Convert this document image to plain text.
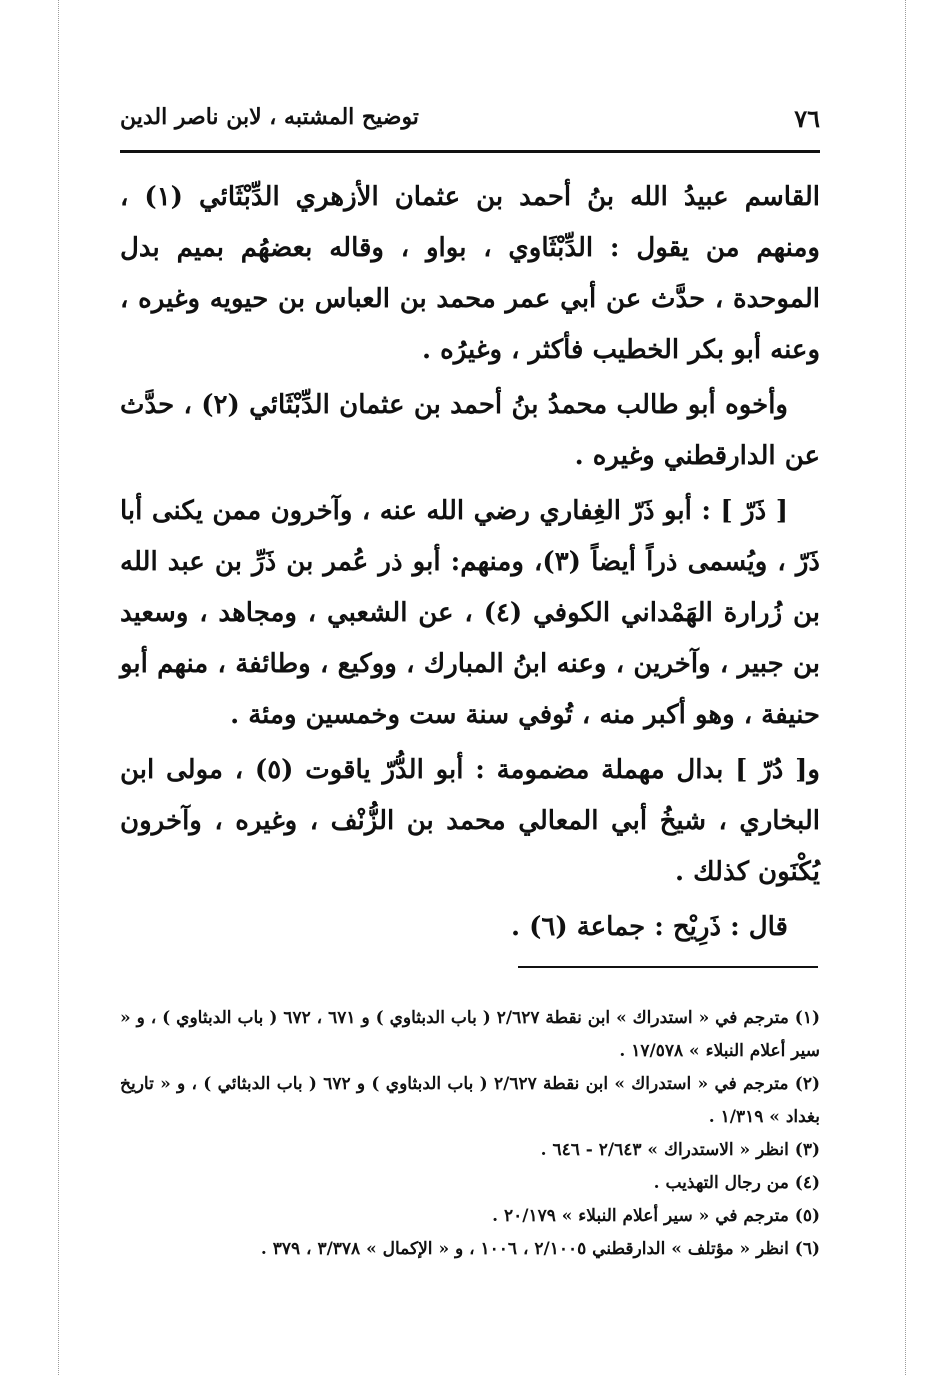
٧٦
توضيح المشتبه ، لابن ناصر الدين

القاسم عبيدُ الله بنُ أحمد بن عثمان الأزهري الدِّبْثَائي (١) ، ومنهم من يقول : الدِّبْثَاوي ، بواو ، وقاله بعضهُم بميم بدل الموحدة ، حدَّث عن أبي عمر محمد بن العباس بن حيويه وغيره ، وعنه أبو بكر الخطيب فأكثر ، وغيرُه .

وأخوه أبو طالب محمدُ بنُ أحمد بن عثمان الدِّبْثَائي (٢) ، حدَّث عن الدارقطني وغيره .

[ ذَرّ ] : أبو ذَرّ الغِفاري رضي الله عنه ، وآخرون ممن يكنى أبا ذَرّ ، ويُسمى ذراً أيضاً (٣)، ومنهم: أبو ذر عُمر بن ذَرِّ بن عبد الله بن زُرارة الهَمْداني الكوفي (٤) ، عن الشعبي ، ومجاهد ، وسعيد بن جبير ، وآخرين ، وعنه ابنُ المبارك ، ووكيع ، وطائفة ، منهم أبو حنيفة ، وهو أكبر منه ، تُوفي سنة ست وخمسين ومئة .

و[ دُرّ ] بدال مهملة مضمومة : أبو الدُّرّ ياقوت (٥) ، مولى ابن البخاري ، شيخُ أبي المعالي محمد بن الزُّنْف ، وغيره ، وآخرون يُكْنَون كذلك .

قال : ذَرِيْح : جماعة (٦) .

(١) مترجم في « استدراك » ابن نقطة ٢/٦٢٧ ( باب الدبثاوي ) و ٦٧١ ، ٦٧٢ ( باب الدبثاوي ) ، و « سير أعلام النبلاء » ١٧/٥٧٨ .

(٢) مترجم في « استدراك » ابن نقطة ٢/٦٢٧ ( باب الدبثاوي ) و ٦٧٢ ( باب الدبثائي ) ، و « تاريخ بغداد » ١/٣١٩ .

(٣) انظر « الاستدراك » ٢/٦٤٣ - ٦٤٦ .

(٤) من رجال التهذيب .

(٥) مترجم في « سير أعلام النبلاء » ٢٠/١٧٩ .

(٦) انظر « مؤتلف » الدارقطني ٢/١٠٠٥ ، ١٠٠٦ ، و « الإكمال » ٣/٣٧٨ ، ٣٧٩ .
